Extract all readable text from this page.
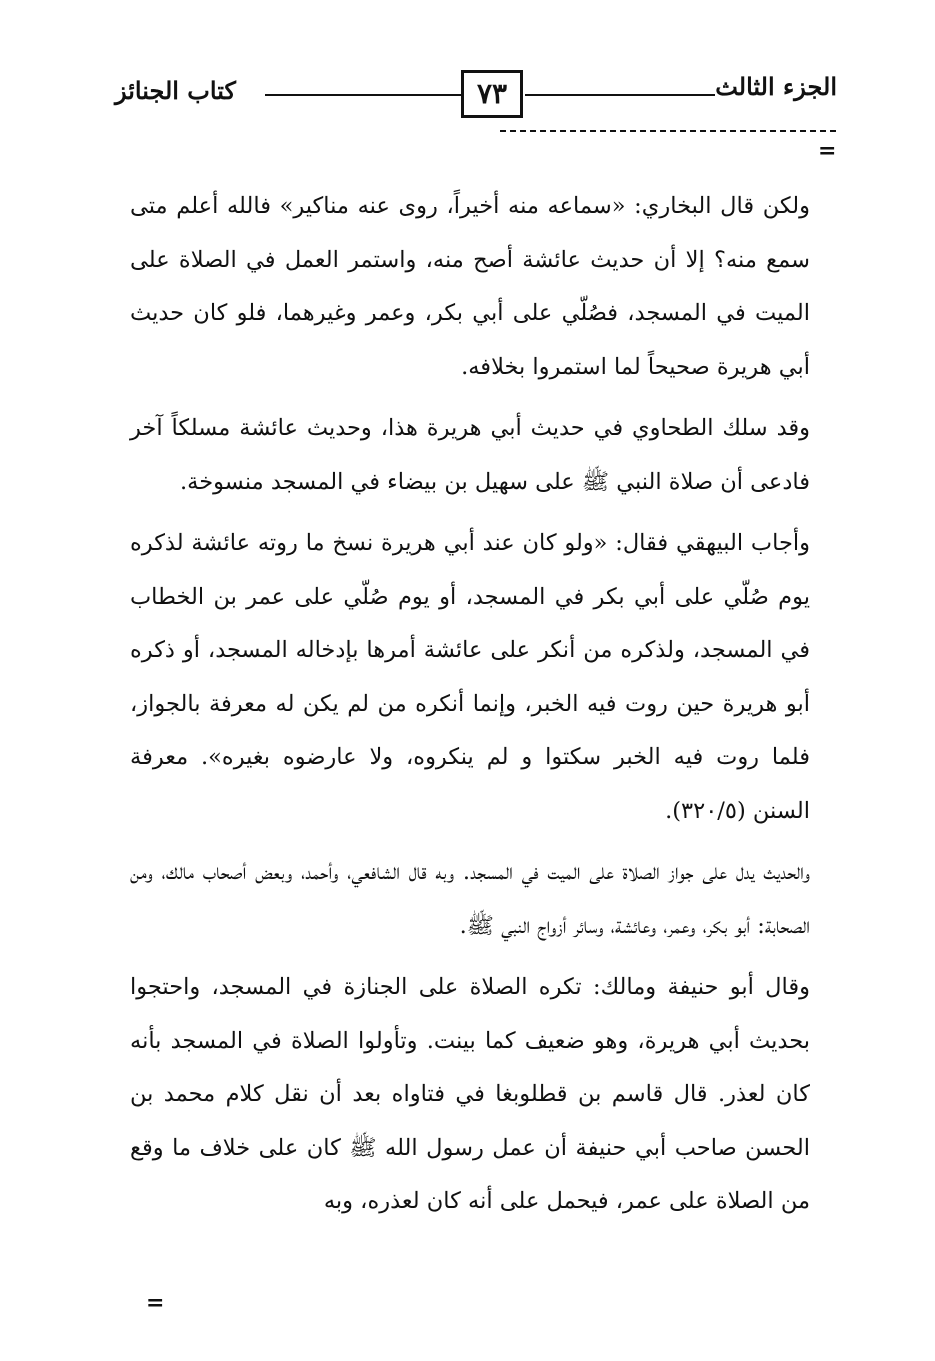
كتاب الجنائز	٧٣	الجزء الثالث
=

ولكن قال البخاري: «سماعه منه أخيراً، روى عنه مناكير» فالله أعلم متى سمع منه؟ إلا أن حديث عائشة أصح منه، واستمر العمل في الصلاة على الميت في المسجد، فصُلّي على أبي بكر، وعمر وغيرهما، فلو كان حديث أبي هريرة صحيحاً لما استمروا بخلافه.

وقد سلك الطحاوي في حديث أبي هريرة هذا، وحديث عائشة مسلكاً آخر فادعى أن صلاة النبي ﷺ على سهيل بن بيضاء في المسجد منسوخة.

وأجاب البيهقي فقال: «ولو كان عند أبي هريرة نسخ ما روته عائشة لذكره يوم صُلّي على أبي بكر في المسجد، أو يوم صُلّي على عمر بن الخطاب في المسجد، ولذكره من أنكر على عائشة أمرها بإدخاله المسجد، أو ذكره أبو هريرة حين روت فيه الخبر، وإنما أنكره من لم يكن له معرفة بالجواز، فلما روت فيه الخبر سكتوا و لم ينكروه، ولا عارضوه بغيره». معرفة السنن (٣٢٠/٥).

والحديث يدل على جواز الصلاة على الميت في المسجد. وبه قال الشافعي، وأحمد، وبعض أصحاب مالك، ومن الصحابة: أبو بكر، وعمر، وعائشة، وسائر أزواج النبي ﷺ.

وقال أبو حنيفة ومالك: تكره الصلاة على الجنازة في المسجد، واحتجوا بحديث أبي هريرة، وهو ضعيف كما بينت. وتأولوا الصلاة في المسجد بأنه كان لعذر. قال قاسم بن قطلوبغا في فتاواه بعد أن نقل كلام محمد بن الحسن صاحب أبي حنيفة أن عمل رسول الله ﷺ كان على خلاف ما وقع من الصلاة على عمر، فيحمل على أنه كان لعذره، وبه

=
